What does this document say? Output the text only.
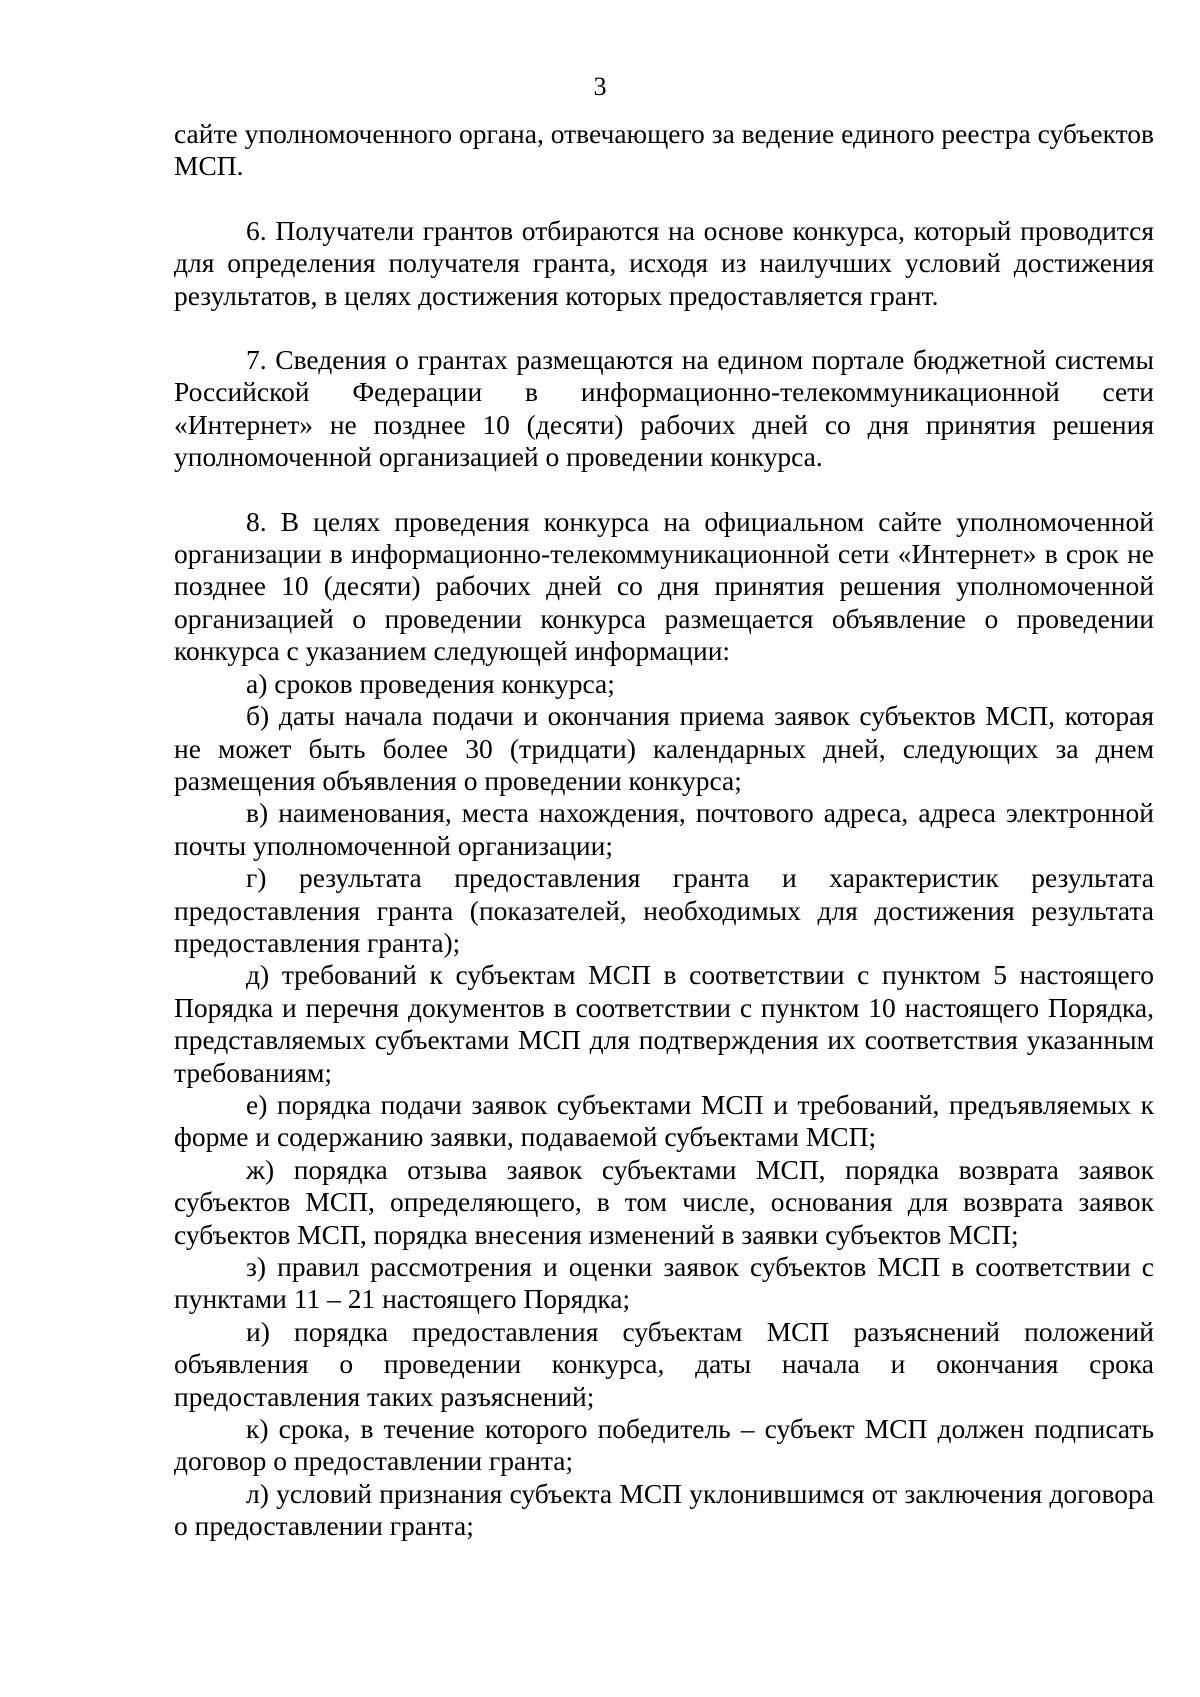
3

сайте уполномоченного органа, отвечающего за ведение единого реестра субъектов МСП.

6. Получатели грантов отбираются на основе конкурса, который проводится для определения получателя гранта, исходя из наилучших условий достижения результатов, в целях достижения которых предоставляется грант.

7. Сведения о грантах размещаются на едином портале бюджетной системы Российской Федерации в информационно-телекоммуникационной сети «Интернет» не позднее 10 (десяти) рабочих дней со дня принятия решения уполномоченной организацией о проведении конкурса.

8. В целях проведения конкурса на официальном сайте уполномоченной организации в информационно-телекоммуникационной сети «Интернет» в срок не позднее 10 (десяти) рабочих дней со дня принятия решения уполномоченной организацией о проведении конкурса размещается объявление о проведении конкурса с указанием следующей информации:

а) сроков проведения конкурса;

б) даты начала подачи и окончания приема заявок субъектов МСП, которая не может быть более 30 (тридцати) календарных дней, следующих за днем размещения объявления о проведении конкурса;

в) наименования, места нахождения, почтового адреса, адреса электронной почты уполномоченной организации;

г) результата предоставления гранта и характеристик результата предоставления гранта (показателей, необходимых для достижения результата предоставления гранта);

д) требований к субъектам МСП в соответствии с пунктом 5 настоящего Порядка и перечня документов в соответствии с пунктом 10 настоящего Порядка, представляемых субъектами МСП для подтверждения их соответствия указанным требованиям;

е) порядка подачи заявок субъектами МСП и требований, предъявляемых к форме и содержанию заявки, подаваемой субъектами МСП;

ж) порядка отзыва заявок субъектами МСП, порядка возврата заявок субъектов МСП, определяющего, в том числе, основания для возврата заявок субъектов МСП, порядка внесения изменений в заявки субъектов МСП;

з) правил рассмотрения и оценки заявок субъектов МСП в соответствии с пунктами 11 – 21 настоящего Порядка;

и) порядка предоставления субъектам МСП разъяснений положений объявления о проведении конкурса, даты начала и окончания срока предоставления таких разъяснений;

к) срока, в течение которого победитель – субъект МСП должен подписать договор о предоставлении гранта;

л) условий признания субъекта МСП уклонившимся от заключения договора о предоставлении гранта;
